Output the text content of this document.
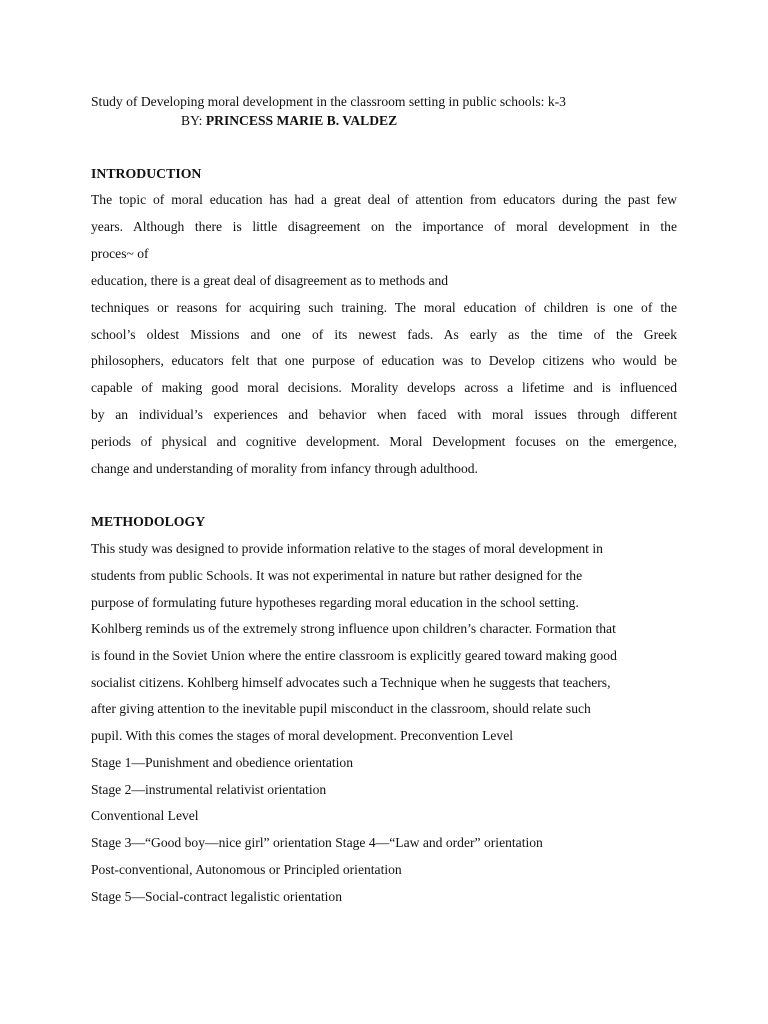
Study of Developing moral development in the classroom setting in public schools: k-3
BY: PRINCESS MARIE B. VALDEZ
INTRODUCTION
The topic of moral education has had a great deal of attention from educators during the past few
years. Although there is little disagreement on the importance of moral development in the
proces~ of
education, there is a great deal of disagreement as to methods and
techniques or reasons for acquiring such training. The moral education of children is one of the
school’s oldest Missions and one of its newest fads. As early as the time of the Greek
philosophers, educators felt that one purpose of education was to Develop citizens who would be
capable of making good moral decisions. Morality develops across a lifetime and is influenced
by an individual’s experiences and behavior when faced with moral issues through different
periods of physical and cognitive development. Moral Development focuses on the emergence,
change and understanding of morality from infancy through adulthood.
METHODOLOGY
This study was designed to provide information relative to the stages of moral development in
students from public Schools. It was not experimental in nature but rather designed for the
purpose of formulating future hypotheses regarding moral education in the school setting.
Kohlberg reminds us of the extremely strong influence upon children’s character. Formation that
is found in the Soviet Union where the entire classroom is explicitly geared toward making good
socialist citizens. Kohlberg himself advocates such a Technique when he suggests that teachers,
after giving attention to the inevitable pupil misconduct in the classroom, should relate such
pupil. With this comes the stages of moral development. Preconvention Level
Stage 1—Punishment and obedience orientation
Stage 2—instrumental relativist orientation
Conventional Level
Stage 3—“Good boy—nice girl” orientation Stage 4—“Law and order” orientation
Post-conventional, Autonomous or Principled orientation
Stage 5—Social-contract legalistic orientation
